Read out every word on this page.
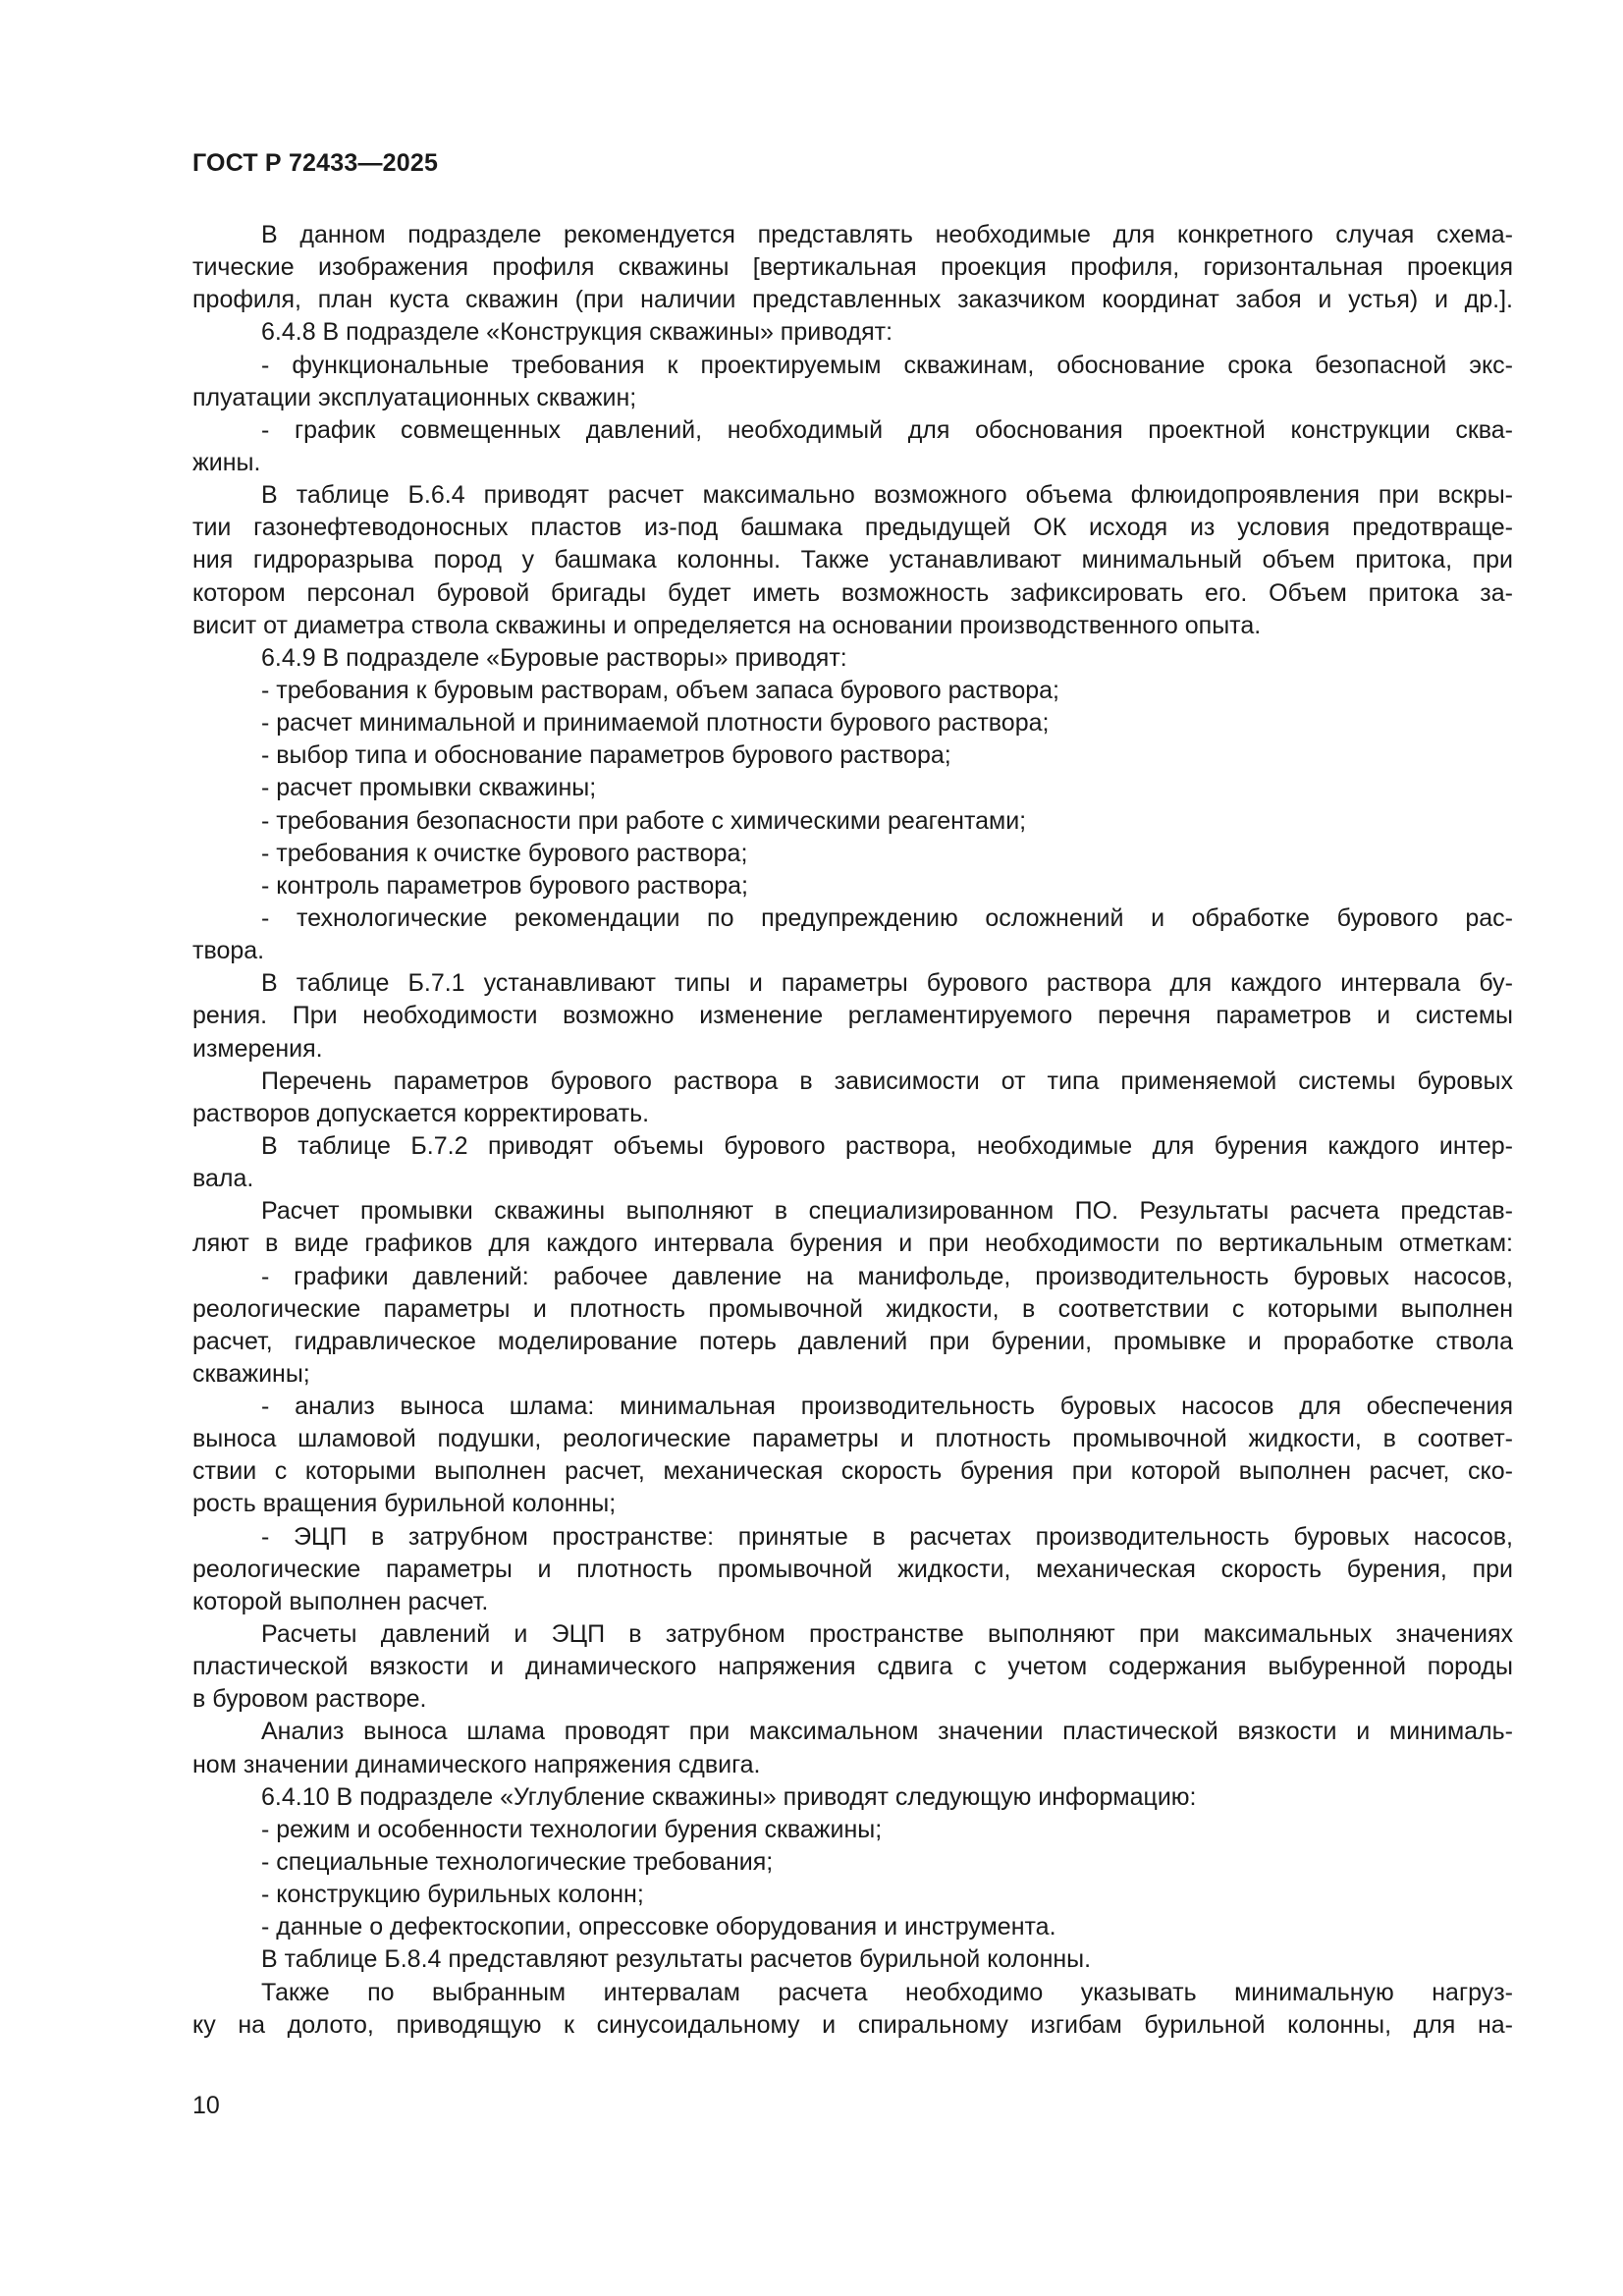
ГОСТ Р 72433—2025
В данном подразделе рекомендуется представлять необходимые для конкретного случая схема-
тические изображения профиля скважины [вертикальная проекция профиля, горизонтальная проекция
профиля, план куста скважин (при наличии представленных заказчиком координат забоя и устья) и др.].
6.4.8 В подразделе «Конструкция скважины» приводят:
- функциональные требования к проектируемым скважинам, обоснование срока безопасной экс-
плуатации эксплуатационных скважин;
- график совмещенных давлений, необходимый для обоснования проектной конструкции сква-
жины.
В таблице Б.6.4 приводят расчет максимально возможного объема флюидопроявления при вскры-
тии газонефтеводоносных пластов из-под башмака предыдущей ОК исходя из условия предотвраще-
ния гидроразрыва пород у башмака колонны. Также устанавливают минимальный объем притока, при
котором персонал буровой бригады будет иметь возможность зафиксировать его. Объем притока за-
висит от диаметра ствола скважины и определяется на основании производственного опыта.
6.4.9 В подразделе «Буровые растворы» приводят:
- требования к буровым растворам, объем запаса бурового раствора;
- расчет минимальной и принимаемой плотности бурового раствора;
- выбор типа и обоснование параметров бурового раствора;
- расчет промывки скважины;
- требования безопасности при работе с химическими реагентами;
- требования к очистке бурового раствора;
- контроль параметров бурового раствора;
- технологические рекомендации по предупреждению осложнений и обработке бурового рас-
твора.
В таблице Б.7.1 устанавливают типы и параметры бурового раствора для каждого интервала бу-
рения. При необходимости возможно изменение регламентируемого перечня параметров и системы
измерения.
Перечень параметров бурового раствора в зависимости от типа применяемой системы буровых
растворов допускается корректировать.
В таблице Б.7.2 приводят объемы бурового раствора, необходимые для бурения каждого интер-
вала.
Расчет промывки скважины выполняют в специализированном ПО. Результаты расчета представ-
ляют в виде графиков для каждого интервала бурения и при необходимости по вертикальным отметкам:
- графики давлений: рабочее давление на манифольде, производительность буровых насосов,
реологические параметры и плотность промывочной жидкости, в соответствии с которыми выполнен
расчет, гидравлическое моделирование потерь давлений при бурении, промывке и проработке ствола
скважины;
- анализ выноса шлама: минимальная производительность буровых насосов для обеспечения
выноса шламовой подушки, реологические параметры и плотность промывочной жидкости, в соответ-
ствии с которыми выполнен расчет, механическая скорость бурения при которой выполнен расчет, ско-
рость вращения бурильной колонны;
- ЭЦП в затрубном пространстве: принятые в расчетах производительность буровых насосов,
реологические параметры и плотность промывочной жидкости, механическая скорость бурения, при
которой выполнен расчет.
Расчеты давлений и ЭЦП в затрубном пространстве выполняют при максимальных значениях
пластической вязкости и динамического напряжения сдвига с учетом содержания выбуренной породы
в буровом растворе.
Анализ выноса шлама проводят при максимальном значении пластической вязкости и минималь-
ном значении динамического напряжения сдвига.
6.4.10 В подразделе «Углубление скважины» приводят следующую информацию:
- режим и особенности технологии бурения скважины;
- специальные технологические требования;
- конструкцию бурильных колонн;
- данные о дефектоскопии, опрессовке оборудования и инструмента.
В таблице Б.8.4 представляют результаты расчетов бурильной колонны.
Также по выбранным интервалам расчета необходимо указывать минимальную нагруз-
ку на долото, приводящую к синусоидальному и спиральному изгибам бурильной колонны, для на-
10
